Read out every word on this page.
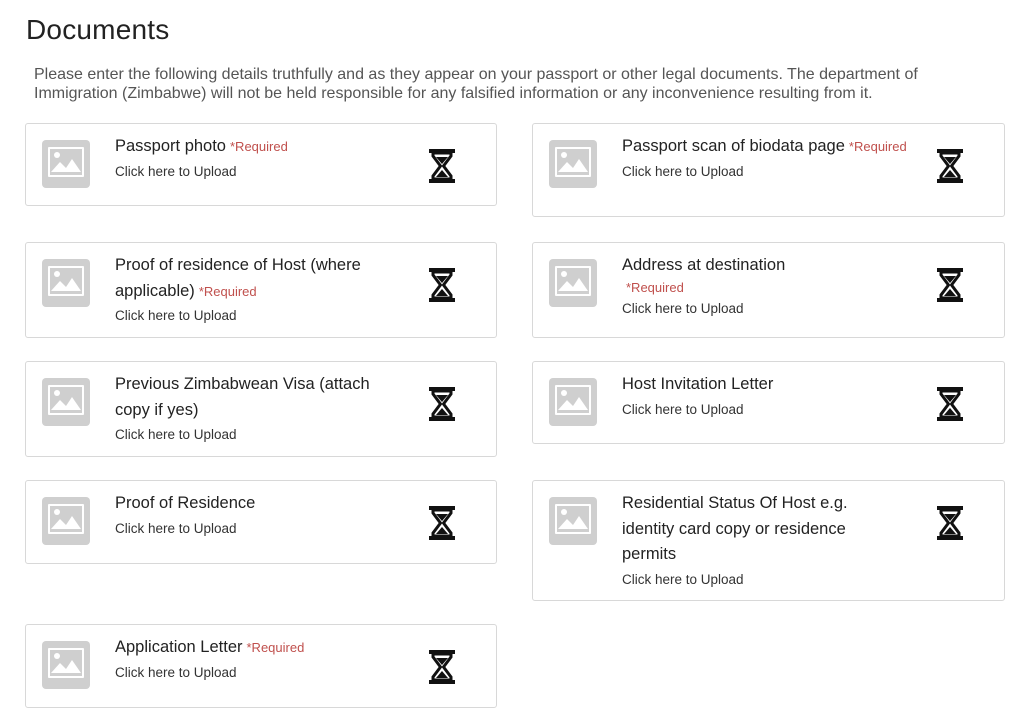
Documents

Please enter the following details truthfully and as they appear on your passport or other legal documents. The department of Immigration (Zimbabwe) will not be held responsible for any falsified information or any inconvenience resulting from it.

Passport photo *Required
Click here to Upload
Passport scan of biodata page *Required
Click here to Upload
Proof of residence of Host (where applicable) *Required
Click here to Upload
Address at destination
*Required
Click here to Upload
Previous Zimbabwean Visa (attach copy if yes)
Click here to Upload
Host Invitation Letter
Click here to Upload
Proof of Residence
Click here to Upload
Residential Status Of Host e.g. identity card copy or residence permits
Click here to Upload
Application Letter *Required
Click here to Upload
